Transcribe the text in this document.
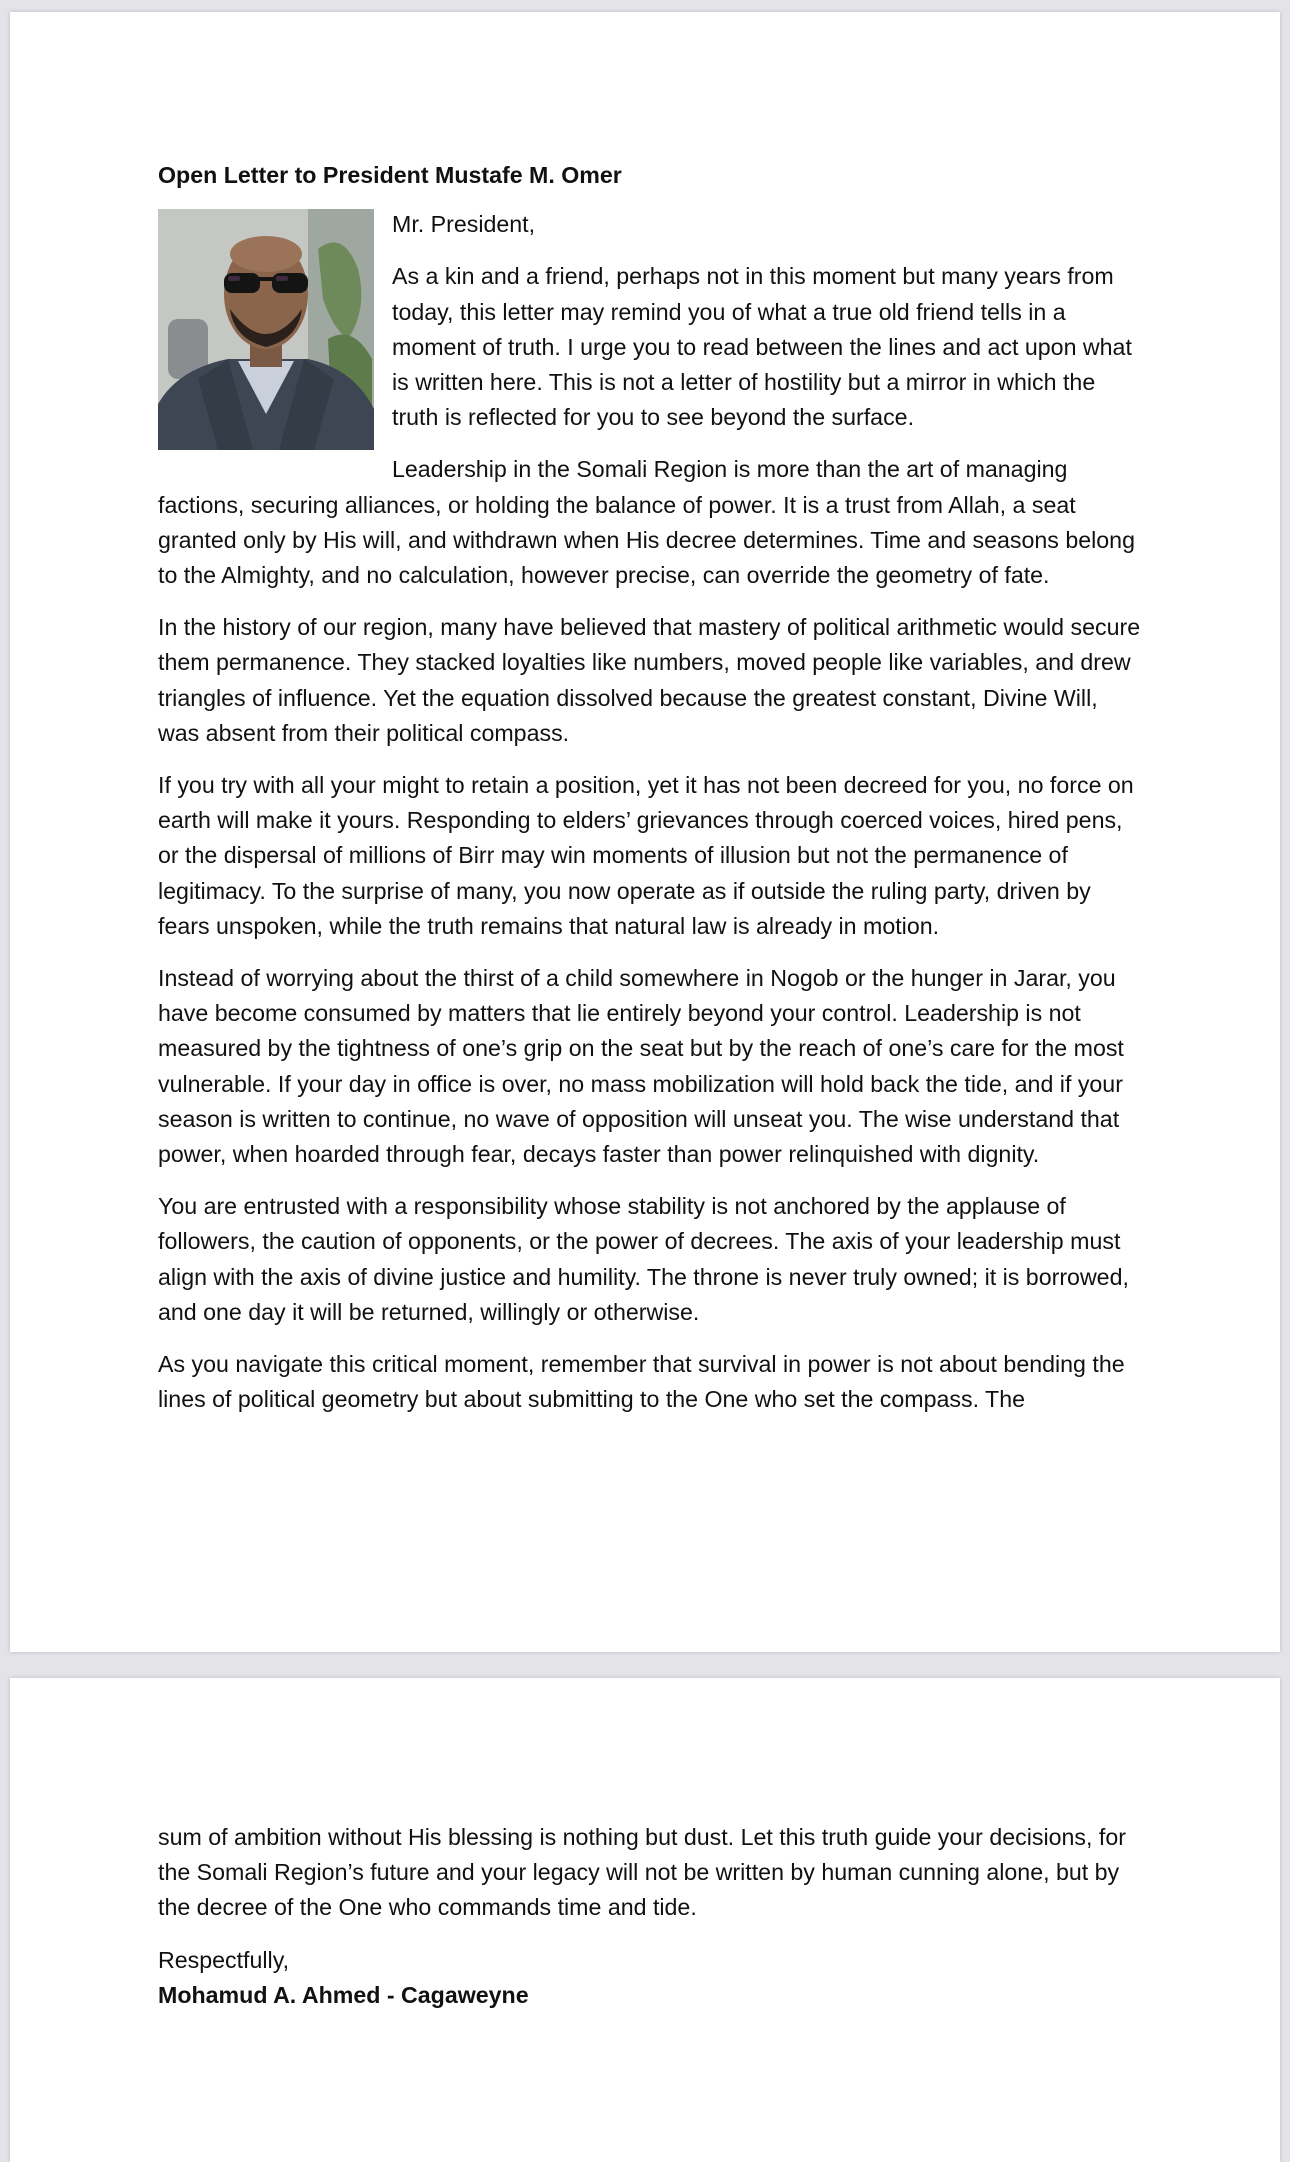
Open Letter to President Mustafe M. Omer

Mr. President,

As a kin and a friend, perhaps not in this moment but many years from today, this letter may remind you of what a true old friend tells in a moment of truth. I urge you to read between the lines and act upon what is written here. This is not a letter of hostility but a mirror in which the truth is reflected for you to see beyond the surface.

Leadership in the Somali Region is more than the art of managing factions, securing alliances, or holding the balance of power. It is a trust from Allah, a seat granted only by His will, and withdrawn when His decree determines. Time and seasons belong to the Almighty, and no calculation, however precise, can override the geometry of fate.

In the history of our region, many have believed that mastery of political arithmetic would secure them permanence. They stacked loyalties like numbers, moved people like variables, and drew triangles of influence. Yet the equation dissolved because the greatest constant, Divine Will, was absent from their political compass.

If you try with all your might to retain a position, yet it has not been decreed for you, no force on earth will make it yours. Responding to elders’ grievances through coerced voices, hired pens, or the dispersal of millions of Birr may win moments of illusion but not the permanence of legitimacy. To the surprise of many, you now operate as if outside the ruling party, driven by fears unspoken, while the truth remains that natural law is already in motion.

Instead of worrying about the thirst of a child somewhere in Nogob or the hunger in Jarar, you have become consumed by matters that lie entirely beyond your control. Leadership is not measured by the tightness of one’s grip on the seat but by the reach of one’s care for the most vulnerable. If your day in office is over, no mass mobilization will hold back the tide, and if your season is written to continue, no wave of opposition will unseat you. The wise understand that power, when hoarded through fear, decays faster than power relinquished with dignity.

You are entrusted with a responsibility whose stability is not anchored by the applause of followers, the caution of opponents, or the power of decrees. The axis of your leadership must align with the axis of divine justice and humility. The throne is never truly owned; it is borrowed, and one day it will be returned, willingly or otherwise.

As you navigate this critical moment, remember that survival in power is not about bending the lines of political geometry but about submitting to the One who set the compass. The

sum of ambition without His blessing is nothing but dust. Let this truth guide your decisions, for the Somali Region’s future and your legacy will not be written by human cunning alone, but by the decree of the One who commands time and tide.

Respectfully,
Mohamud A. Ahmed - Cagaweyne
